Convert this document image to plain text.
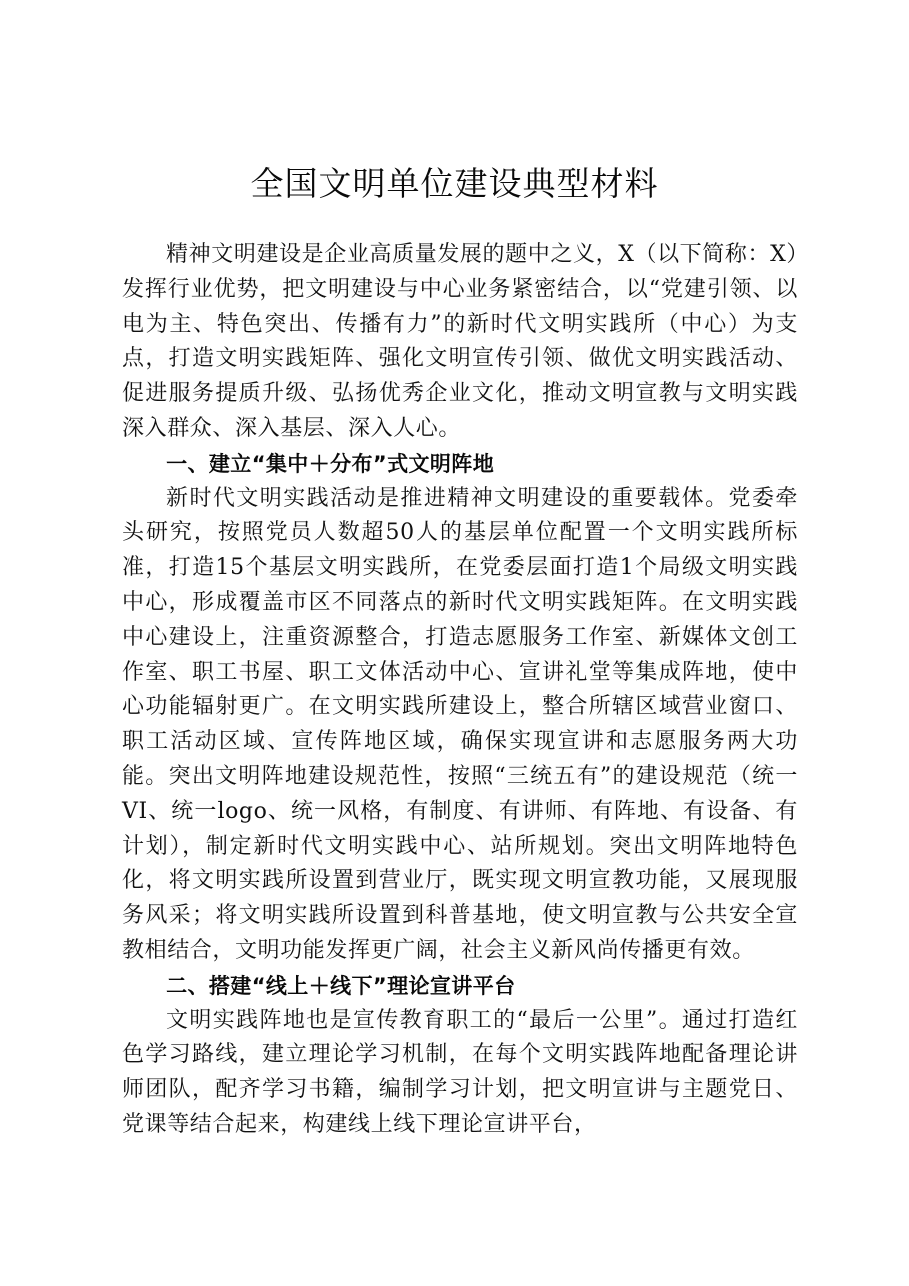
全国文明单位建设典型材料

精神文明建设是企业高质量发展的题中之义，X（以下简称：X）发挥行业优势，把文明建设与中心业务紧密结合，以“党建引领、以电为主、特色突出、传播有力”的新时代文明实践所（中心）为支点，打造文明实践矩阵、强化文明宣传引领、做优文明实践活动、促进服务提质升级、弘扬优秀企业文化，推动文明宣教与文明实践深入群众、深入基层、深入人心。

一、建立“集中＋分布”式文明阵地

新时代文明实践活动是推进精神文明建设的重要载体。党委牵头研究，按照党员人数超50人的基层单位配置一个文明实践所标准，打造15个基层文明实践所，在党委层面打造1个局级文明实践中心，形成覆盖市区不同落点的新时代文明实践矩阵。在文明实践中心建设上，注重资源整合，打造志愿服务工作室、新媒体文创工作室、职工书屋、职工文体活动中心、宣讲礼堂等集成阵地，使中心功能辐射更广。在文明实践所建设上，整合所辖区域营业窗口、职工活动区域、宣传阵地区域，确保实现宣讲和志愿服务两大功能。突出文明阵地建设规范性，按照“三统五有”的建设规范（统一VI、统一logo、统一风格，有制度、有讲师、有阵地、有设备、有计划），制定新时代文明实践中心、站所规划。突出文明阵地特色化，将文明实践所设置到营业厅，既实现文明宣教功能，又展现服务风采；将文明实践所设置到科普基地，使文明宣教与公共安全宣教相结合，文明功能发挥更广阔，社会主义新风尚传播更有效。

二、搭建“线上＋线下”理论宣讲平台

文明实践阵地也是宣传教育职工的“最后一公里”。通过打造红色学习路线，建立理论学习机制，在每个文明实践阵地配备理论讲师团队，配齐学习书籍，编制学习计划，把文明宣讲与主题党日、党课等结合起来，构建线上线下理论宣讲平台，
